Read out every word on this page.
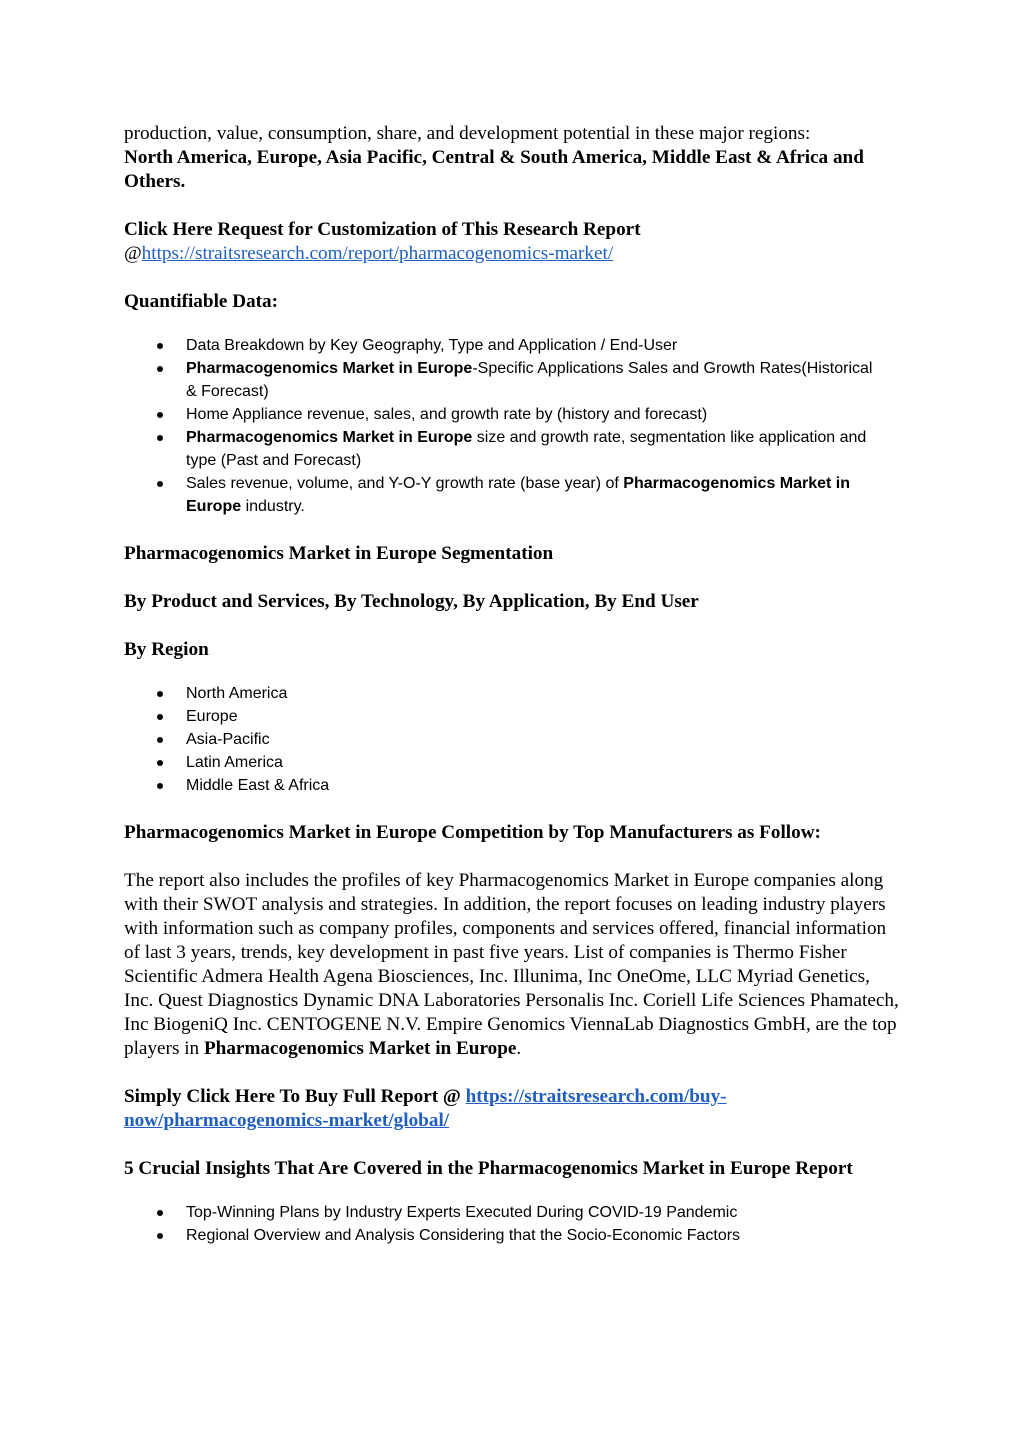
production, value, consumption, share, and development potential in these major regions:
North America, Europe, Asia Pacific, Central & South America, Middle East & Africa and Others.

Click Here Request for Customization of This Research Report

@https://straitsresearch.com/report/pharmacogenomics-market/

Quantifiable Data:

Data Breakdown by Key Geography, Type and Application / End-User
Pharmacogenomics Market in Europe-Specific Applications Sales and Growth Rates(Historical & Forecast)
Home Appliance revenue, sales, and growth rate by (history and forecast)
Pharmacogenomics Market in Europe size and growth rate, segmentation like application and type (Past and Forecast)
Sales revenue, volume, and Y-O-Y growth rate (base year) of Pharmacogenomics Market in Europe industry.

Pharmacogenomics Market in Europe Segmentation

By Product and Services, By Technology, By Application, By End User

By Region

North America
Europe
Asia-Pacific
Latin America
Middle East & Africa

Pharmacogenomics Market in Europe Competition by Top Manufacturers as Follow:

The report also includes the profiles of key Pharmacogenomics Market in Europe companies along with their SWOT analysis and strategies. In addition, the report focuses on leading industry players with information such as company profiles, components and services offered, financial information of last 3 years, trends, key development in past five years. List of companies is Thermo Fisher Scientific Admera Health Agena Biosciences, Inc. Illunima, Inc OneOme, LLC Myriad Genetics, Inc. Quest Diagnostics Dynamic DNA Laboratories Personalis Inc. Coriell Life Sciences Phamatech, Inc BiogeniQ Inc. CENTOGENE N.V. Empire Genomics ViennaLab Diagnostics GmbH, are the top players in Pharmacogenomics Market in Europe.

Simply Click Here To Buy Full Report @ https://straitsresearch.com/buy-now/pharmacogenomics-market/global/

5 Crucial Insights That Are Covered in the Pharmacogenomics Market in Europe Report

Top-Winning Plans by Industry Experts Executed During COVID-19 Pandemic
Regional Overview and Analysis Considering that the Socio-Economic Factors
